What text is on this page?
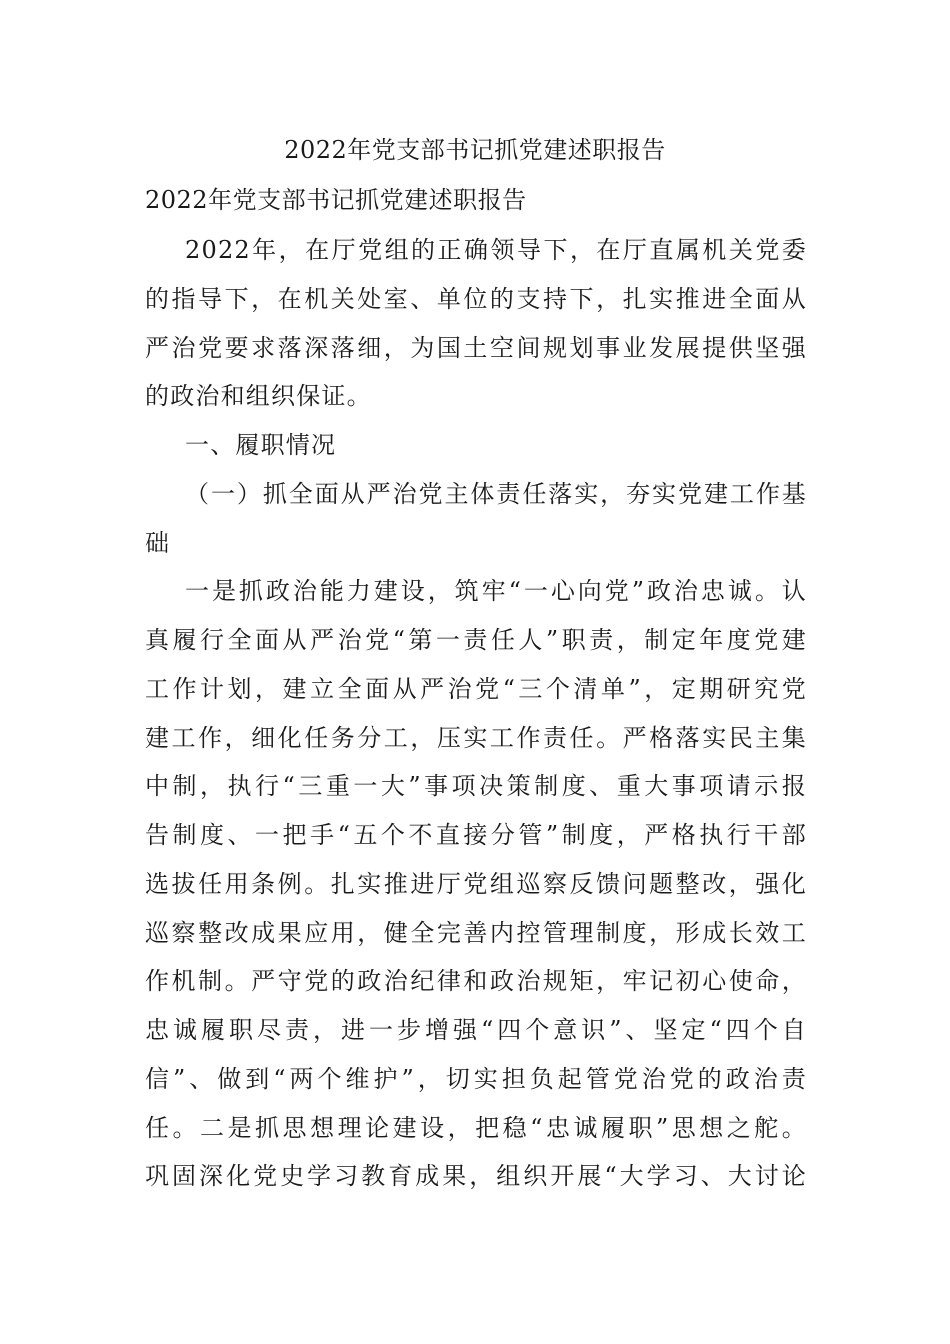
2022年党支部书记抓党建述职报告
2022年党支部书记抓党建述职报告

2022年，在厅党组的正确领导下，在厅直属机关党委

的指导下，在机关处室、单位的支持下，扎实推进全面从

严治党要求落深落细，为国土空间规划事业发展提供坚强

的政治和组织保证。

一、履职情况

（一）抓全面从严治党主体责任落实，夯实党建工作基

础

一是抓政治能力建设，筑牢“一心向党”政治忠诚。认

真履行全面从严治党“第一责任人”职责，制定年度党建

工作计划，建立全面从严治党“三个清单”，定期研究党

建工作，细化任务分工，压实工作责任。严格落实民主集

中制，执行“三重一大”事项决策制度、重大事项请示报

告制度、一把手“五个不直接分管”制度，严格执行干部

选拔任用条例。扎实推进厅党组巡察反馈问题整改，强化

巡察整改成果应用，健全完善内控管理制度，形成长效工

作机制。严守党的政治纪律和政治规矩，牢记初心使命，

忠诚履职尽责，进一步增强“四个意识”、坚定“四个自

信”、做到“两个维护”，切实担负起管党治党的政治责

任。二是抓思想理论建设，把稳“忠诚履职”思想之舵。

巩固深化党史学习教育成果，组织开展“大学习、大讨论
